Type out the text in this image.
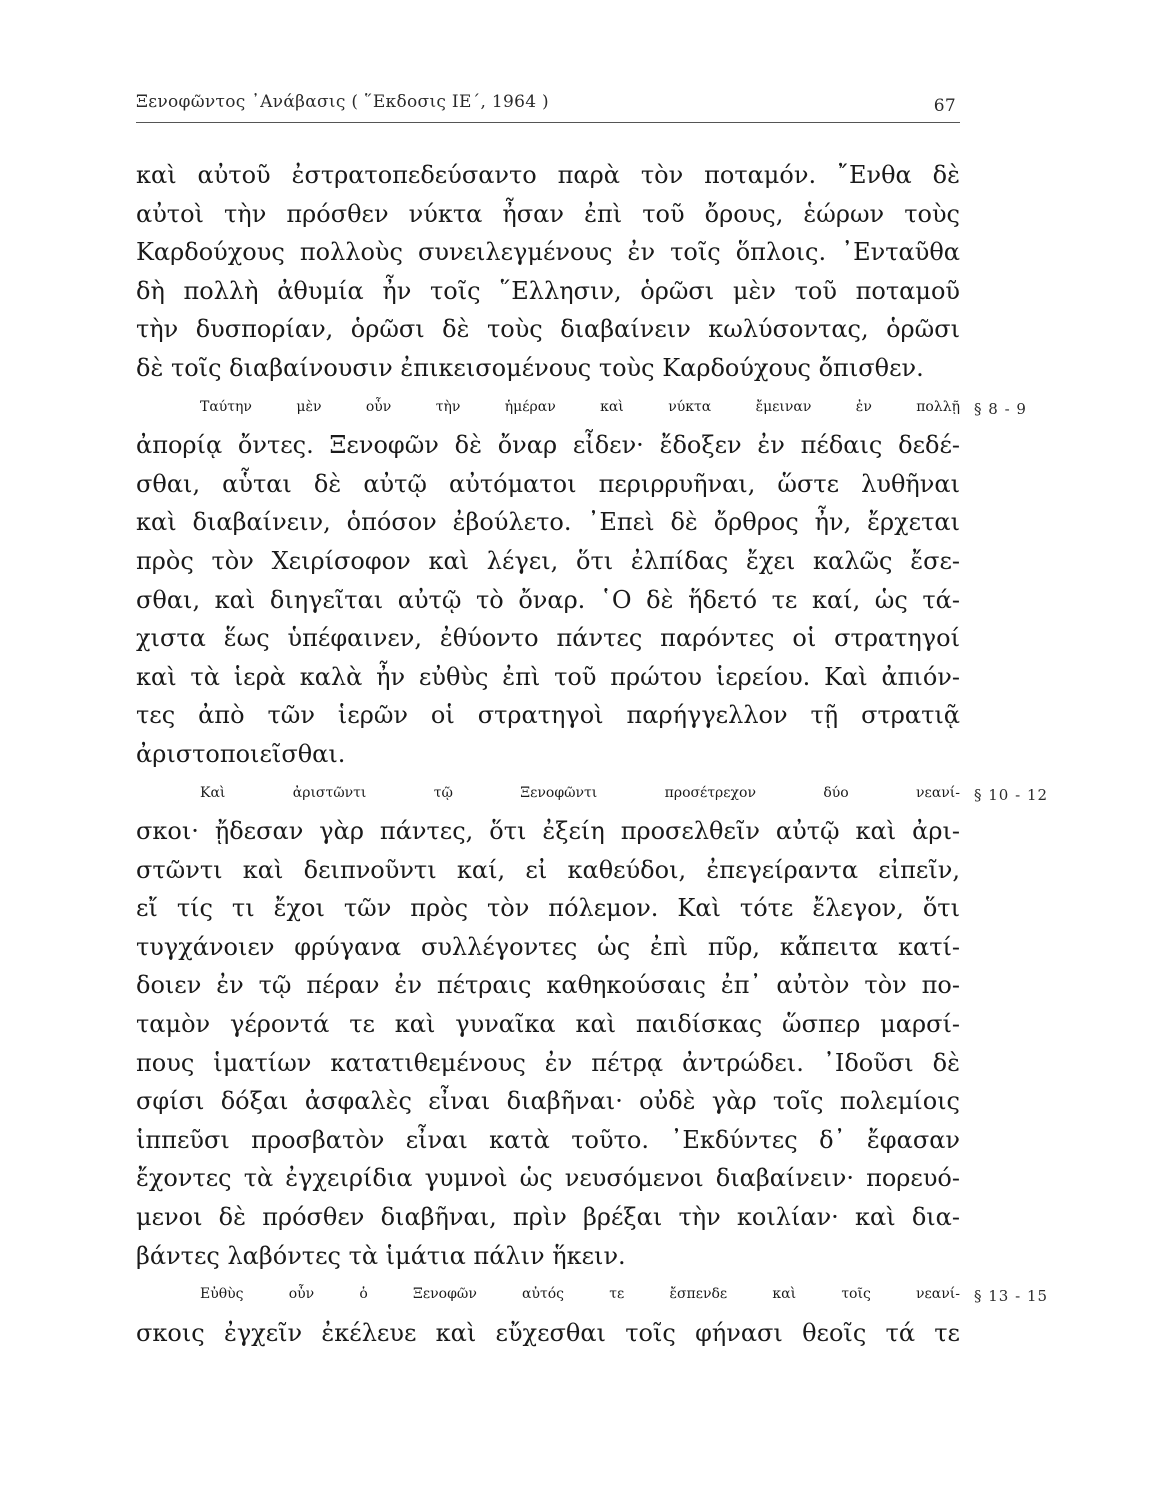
Ξενοφῶντος ᾿Ανάβασις ( ῞Εκδοσις ΙΕ΄, 1964 )	67
καὶ αὐτοῦ ἐστρατοπεδεύσαντο παρὰ τὸν ποταμόν. ῎Ενθα δὲ
αὐτοὶ τὴν πρόσθεν νύκτα ἦσαν ἐπὶ τοῦ ὄρους, ἑώρων τοὺς
Καρδούχους πολλοὺς συνειλεγμένους ἐν τοῖς ὅπλοις. ᾿Ενταῦθα
δὴ πολλὴ ἀθυμία ἦν τοῖς ῞Ελλησιν, ὁρῶσι μὲν τοῦ ποταμοῦ
τὴν δυσπορίαν, ὁρῶσι δὲ τοὺς διαβαίνειν κωλύσοντας, ὁρῶσι
δὲ τοῖς διαβαίνουσιν ἐπικεισομένους τοὺς Καρδούχους ὄπισθεν.
Ταύτην μὲν οὖν τὴν ἡμέραν καὶ νύκτα ἔμειναν ἐν πολλῇ § 8 - 9
ἀπορίᾳ ὄντες. Ξενοφῶν δὲ ὄναρ εἶδεν· ἔδοξεν ἐν πέδαις δεδέ-
σθαι, αὗται δὲ αὐτῷ αὐτόματοι περιρρυῆναι, ὥστε λυθῆναι
καὶ διαβαίνειν, ὁπόσον ἐβούλετο. ᾿Επεὶ δὲ ὄρθρος ἦν, ἔρχεται
πρὸς τὸν Χειρίσοφον καὶ λέγει, ὅτι ἐλπίδας ἔχει καλῶς ἔσε-
σθαι, καὶ διηγεῖται αὐτῷ τὸ ὄναρ. ῾Ο δὲ ἥδετό τε καί, ὡς τά-
χιστα ἕως ὑπέφαινεν, ἐθύοντο πάντες παρόντες οἱ στρατηγοί
καὶ τὰ ἱερὰ καλὰ ἦν εὐθὺς ἐπὶ τοῦ πρώτου ἱερείου. Καὶ ἀπιόν-
τες ἀπὸ τῶν ἱερῶν οἱ στρατηγοὶ παρήγγελλον τῇ στρατιᾷ
ἀριστοποιεῖσθαι.
Καὶ ἀριστῶντι τῷ Ξενοφῶντι προσέτρεχον δύο νεανί- § 10 - 12
σκοι· ᾔδεσαν γὰρ πάντες, ὅτι ἐξείη προσελθεῖν αὐτῷ καὶ ἀρι-
στῶντι καὶ δειπνοῦντι καί, εἰ καθεύδοι, ἐπεγείραντα εἰπεῖν,
εἴ τίς τι ἔχοι τῶν πρὸς τὸν πόλεμον. Καὶ τότε ἔλεγον, ὅτι
τυγχάνοιεν φρύγανα συλλέγοντες ὡς ἐπὶ πῦρ, κἄπειτα κατί-
δοιεν ἐν τῷ πέραν ἐν πέτραις καθηκούσαις ἐπ᾿ αὐτὸν τὸν πο-
ταμὸν γέροντά τε καὶ γυναῖκα καὶ παιδίσκας ὥσπερ μαρσί-
πους ἱματίων κατατιθεμένους ἐν πέτρᾳ ἀντρώδει. ᾿Ιδοῦσι δὲ
σφίσι δόξαι ἀσφαλὲς εἶναι διαβῆναι· οὐδὲ γὰρ τοῖς πολεμίοις
ἱππεῦσι προσβατὸν εἶναι κατὰ τοῦτο. ᾿Εκδύντες δ᾿ ἔφασαν
ἔχοντες τὰ ἐγχειρίδια γυμνοὶ ὡς νευσόμενοι διαβαίνειν· πορευό-
μενοι δὲ πρόσθεν διαβῆναι, πρὶν βρέξαι τὴν κοιλίαν· καὶ δια-
βάντες λαβόντες τὰ ἱμάτια πάλιν ἥκειν.
Εὐθὺς οὖν ὁ Ξενοφῶν αὐτός τε ἔσπενδε καὶ τοῖς νεανί- § 13 - 15
σκοις ἐγχεῖν ἐκέλευε καὶ εὔχεσθαι τοῖς φήνασι θεοῖς τά τε
